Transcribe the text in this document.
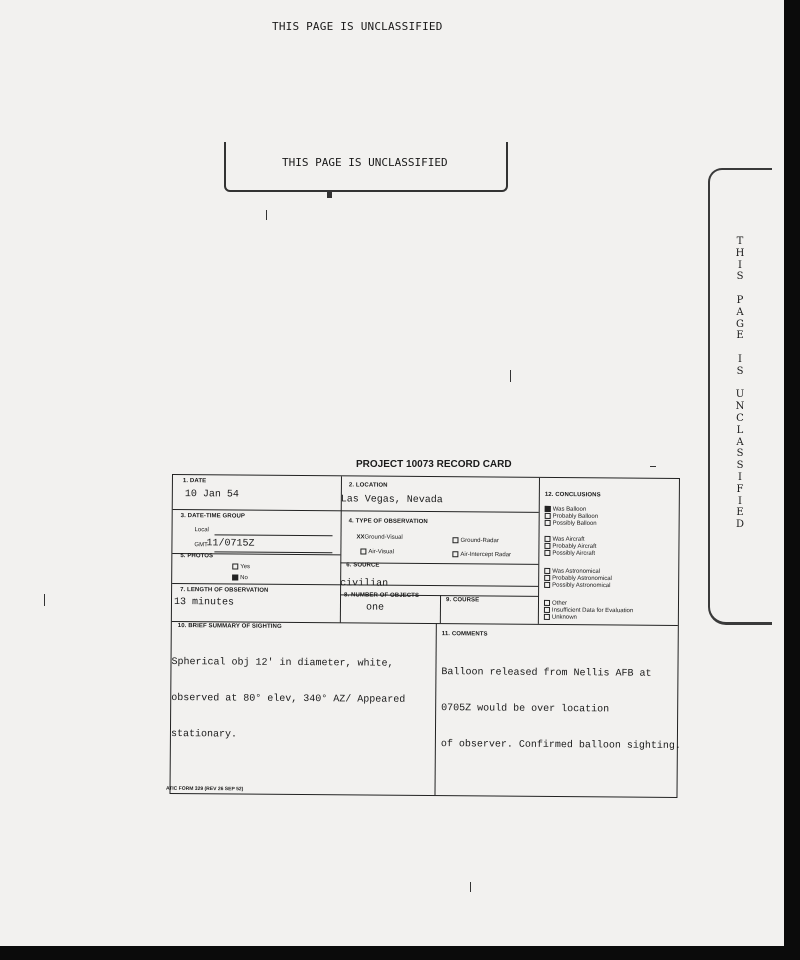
THIS PAGE IS UNCLASSIFIED
THIS PAGE IS UNCLASSIFIED
T
H
I
S

P
A
G
E

I
S

U
N
C
L
A
S
S
I
F
I
E
D
PROJECT 10073 RECORD CARD
1. DATE
10 Jan 54
2. LOCATION
Las Vegas, Nevada
3. DATE-TIME GROUP
Local
GMT
11/0715Z
4. TYPE OF OBSERVATION
XXGround-Visual
Ground-Radar
Air-Visual	Air-Intercept Radar
5. PHOTOS
Yes
No
6. SOURCE
civilian
7. LENGTH OF OBSERVATION
13 minutes
8. NUMBER OF OBJECTS
one
9. COURSE
10. BRIEF SUMMARY OF SIGHTING

Spherical obj 12' in diameter, white,

observed at 80° elev, 340° AZ/ Appeared

stationary.

11. COMMENTS

Balloon released from Nellis AFB at

0705Z would be over location

of observer. Confirmed balloon sighting.

12. CONCLUSIONS
Was Balloon
Probably Balloon
Possibly Balloon
Was Aircraft
Probably Aircraft
Possibly Aircraft
Was Astronomical
Probably Astronomical
Possibly Astronomical
Other
Insufficient Data for Evaluation
Unknown
ATIC FORM 329 (REV 26 SEP 52)
